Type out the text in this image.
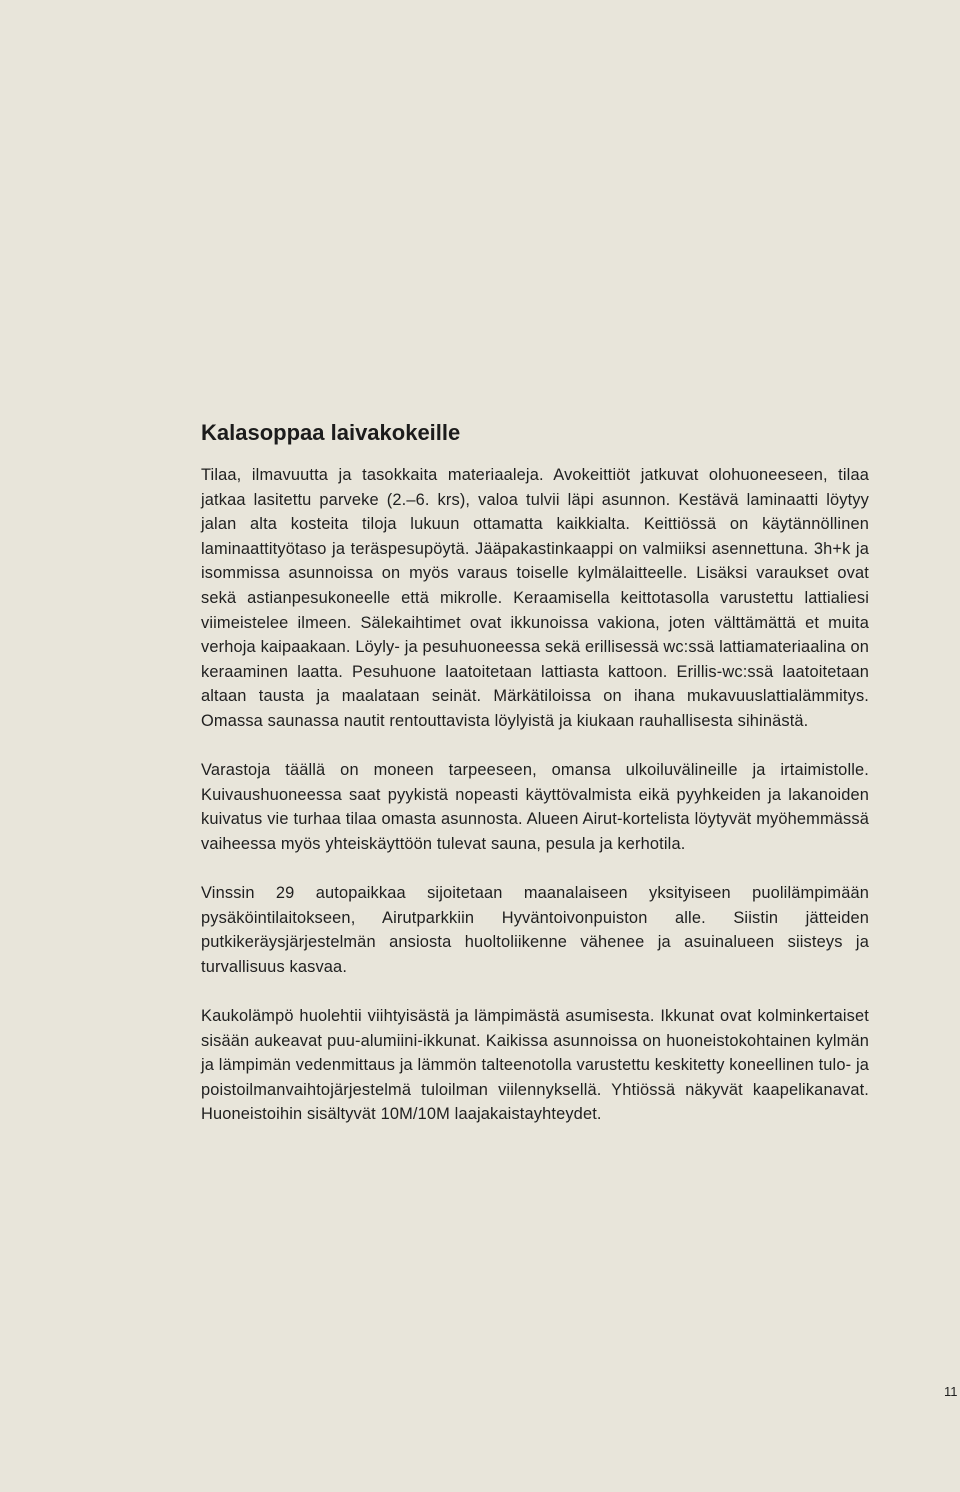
Kalasoppaa laivakokeille

Tilaa, ilmavuutta ja tasokkaita materiaaleja. Avokeittiöt jatkuvat olohuoneeseen, tilaa jatkaa lasitettu parveke (2.–6. krs), valoa tulvii läpi asunnon. Kestävä laminaatti löytyy jalan alta kosteita tiloja lukuun ottamatta kaikkialta. Keittiössä on käytännöllinen laminaattityötaso ja teräspesupöytä. Jääpakastinkaappi on valmiiksi asennettuna. 3h+k ja isommissa asunnoissa on myös varaus toiselle kylmälaitteelle. Lisäksi varaukset ovat sekä astianpesukoneelle että mikrolle. Keraamisella keittotasolla varustettu lattialiesi viimeistelee ilmeen. Sälekaihtimet ovat ikkunoissa vakiona, joten välttämättä et muita verhoja kaipaakaan. Löyly- ja pesuhuoneessa sekä erillisessä wc:ssä lattiamateriaalina on keraaminen laatta. Pesuhuone laatoitetaan lattiasta kattoon. Erillis-wc:ssä laatoitetaan altaan tausta ja maalataan seinät. Märkätiloissa on ihana mukavuuslattialämmitys. Omassa saunassa nautit rentouttavista löylyistä ja kiukaan rauhallisesta sihinästä.

Varastoja täällä on moneen tarpeeseen, omansa ulkoiluvälineille ja irtaimistolle. Kuivaushuoneessa saat pyykistä nopeasti käyttövalmista eikä pyyhkeiden ja lakanoiden kuivatus vie turhaa tilaa omasta asunnosta. Alueen Airut-kortelista löytyvät myöhemmässä vaiheessa myös yhteiskäyttöön tulevat sauna, pesula ja kerhotila.

Vinssin 29 autopaikkaa sijoitetaan maanalaiseen yksityiseen puolilämpimään pysäköintilaitokseen, Airutparkkiin Hyväntoivonpuiston alle. Siistin jätteiden putkikeräysjärjestelmän ansiosta huoltoliikenne vähenee ja asuinalueen siisteys ja turvallisuus kasvaa.

Kaukolämpö huolehtii viihtyisästä ja lämpimästä asumisesta. Ikkunat ovat kolminkertaiset sisään aukeavat puu-alumiini-ikkunat. Kaikissa asunnoissa on huoneistokohtainen kylmän ja lämpimän vedenmittaus ja lämmön talteenotolla varustettu keskitetty koneellinen tulo- ja poistoilmanvaihtojärjestelmä tuloilman viilennyksellä. Yhtiössä näkyvät kaapelikanavat. Huoneistoihin sisältyvät 10M/10M laajakaistayhteydet.

11
